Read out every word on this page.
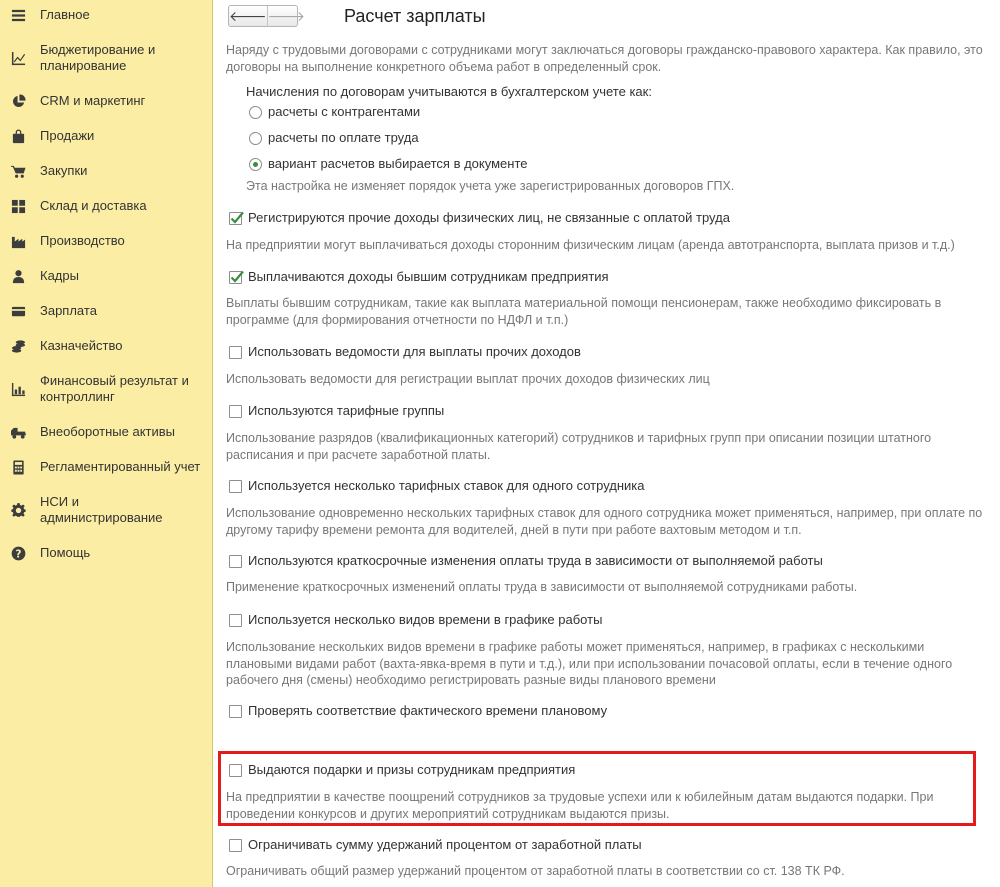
Главное
Бюджетирование и планирование
CRM и маркетинг
Продажи
Закупки
Склад и доставка
Производство
Кадры
Зарплата
Казначейство
Финансовый результат и контроллинг
Внеоборотные активы
Регламентированный учет
НСИ и администрирование
? Помощь
🡐 🡒 Расчет зарплаты
Наряду с трудовыми договорами с сотрудниками могут заключаться договоры гражданско-правового характера. Как правило, это договоры на выполнение конкретного объема работ в определенный срок.
Начисления по договорам учитываются в бухгалтерском учете как:
расчеты с контрагентами
расчеты по оплате труда
вариант расчетов выбирается в документе
Эта настройка не изменяет порядок учета уже зарегистрированных договоров ГПХ.
Регистрируются прочие доходы физических лиц, не связанные с оплатой труда
На предприятии могут выплачиваться доходы сторонним физическим лицам (аренда автотранспорта, выплата призов и т.д.)
Выплачиваются доходы бывшим сотрудникам предприятия
Выплаты бывшим сотрудникам, такие как выплата материальной помощи пенсионерам, также необходимо фиксировать в программе (для формирования отчетности по НДФЛ и т.п.)
Использовать ведомости для выплаты прочих доходов
Использовать ведомости для регистрации выплат прочих доходов физических лиц
Используются тарифные группы
Использование разрядов (квалификационных категорий) сотрудников и тарифных групп при описании позиции штатного расписания и при расчете заработной платы.
Используется несколько тарифных ставок для одного сотрудника
Использование одновременно нескольких тарифных ставок для одного сотрудника может применяться, например, при оплате по другому тарифу времени ремонта для водителей, дней в пути при работе вахтовым методом и т.п.
Используются краткосрочные изменения оплаты труда в зависимости от выполняемой работы
Применение краткосрочных изменений оплаты труда в зависимости от выполняемой сотрудниками работы.
Используется несколько видов времени в графике работы
Использование нескольких видов времени в графике работы может применяться, например, в графиках с несколькими плановыми видами работ (вахта-явка-время в пути и т.д.), или при использовании почасовой оплаты, если в течение одного рабочего дня (смены) необходимо регистрировать разные виды планового времени
Проверять соответствие фактического времени плановому
Выдаются подарки и призы сотрудникам предприятия
На предприятии в качестве поощрений сотрудников за трудовые успехи или к юбилейным датам выдаются подарки. При проведении конкурсов и других мероприятий сотрудникам выдаются призы.
Ограничивать сумму удержаний процентом от заработной платы
Ограничивать общий размер удержаний процентом от заработной платы в соответствии со ст. 138 ТК РФ.
